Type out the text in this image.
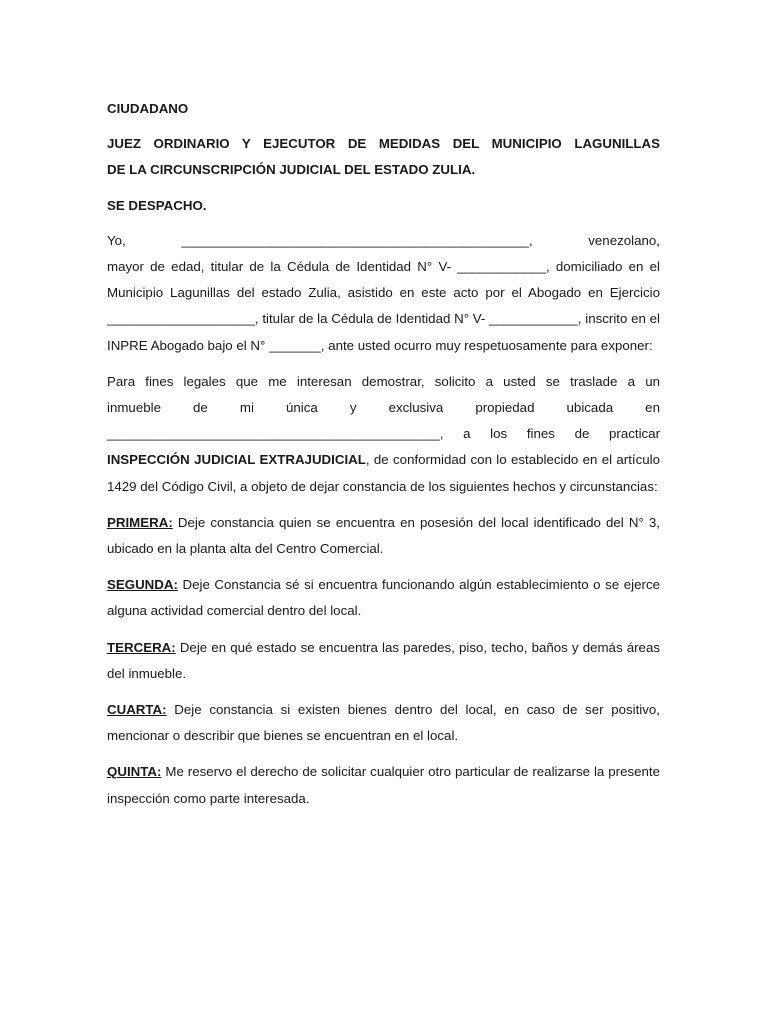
CIUDADANO
JUEZ ORDINARIO Y EJECUTOR DE MEDIDAS DEL MUNICIPIO LAGUNILLAS
DE LA CIRCUNSCRIPCIÓN JUDICIAL DEL ESTADO ZULIA.
SE DESPACHO.
Yo,	_______________________________________________,	venezolano,

mayor de edad, titular de la Cédula de Identidad N° V- ____________, domiciliado en el Municipio Lagunillas del estado Zulia, asistido en este acto por el Abogado en Ejercicio ____________________, titular de la Cédula de Identidad N° V- ____________, inscrito en el INPRE Abogado bajo el N° _______, ante usted ocurro muy respetuosamente para exponer:

Para fines legales que me interesan demostrar, solicito a usted se traslade a un
inmueble de mi única y exclusiva propiedad ubicada en
_____________________________________________, a los fines de practicar

INSPECCIÓN JUDICIAL EXTRAJUDICIAL, de conformidad con lo establecido en el artículo 1429 del Código Civil, a objeto de dejar constancia de los siguientes hechos y circunstancias:

PRIMERA: Deje constancia quien se encuentra en posesión del local identificado del N° 3, ubicado en la planta alta del Centro Comercial.

SEGUNDA: Deje Constancia sé si encuentra funcionando algún establecimiento o se ejerce alguna actividad comercial dentro del local.

TERCERA: Deje en qué estado se encuentra las paredes, piso, techo, baños y demás áreas del inmueble.

CUARTA: Deje constancia si existen bienes dentro del local, en caso de ser positivo, mencionar o describir que bienes se encuentran en el local.

QUINTA: Me reservo el derecho de solicitar cualquier otro particular de realizarse la presente inspección como parte interesada.
